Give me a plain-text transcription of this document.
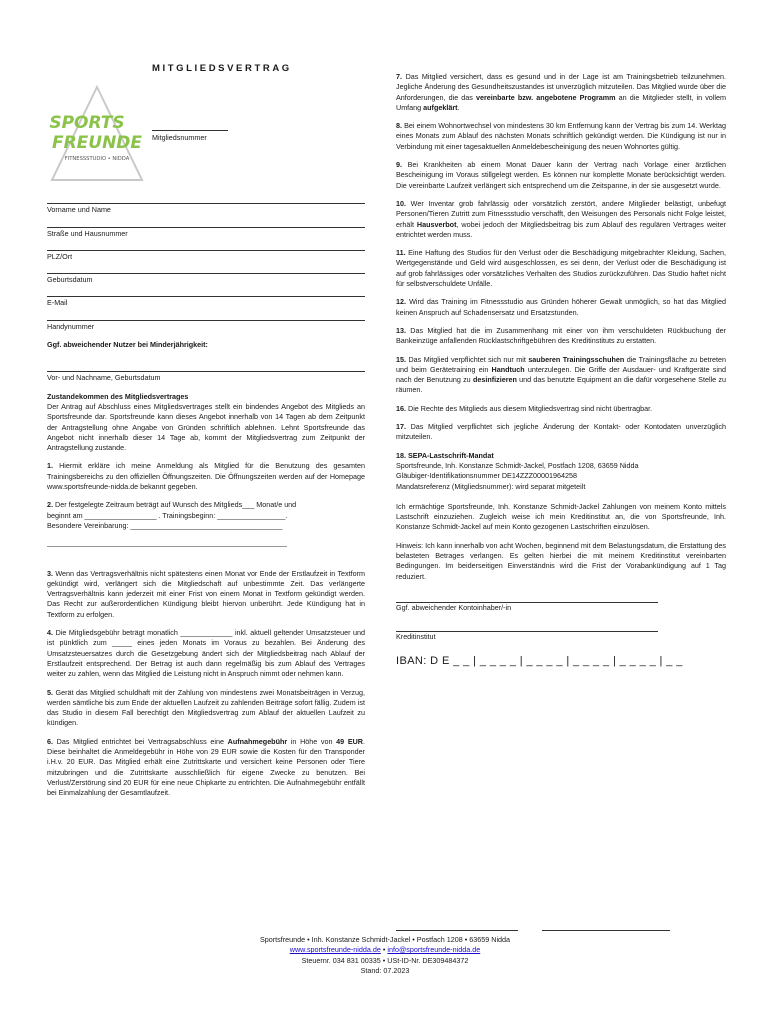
MITGLIEDSVERTRAG
SPORTS
FREUNDE
FITNESSSTUDIO • NIDDA
Mitgliedsnummer
Vorname und Name
Straße und Hausnummer
PLZ/Ort
Geburtsdatum
E-Mail
Handynummer
Ggf. abweichender Nutzer bei Minderjährigkeit:
Vor- und Nachname, Geburtsdatum
Zustandekommen des Mitgliedsvertrages

Der Antrag auf Abschluss eines Mitgliedsvertrages stellt ein bindendes Angebot des Mitglieds an Sportsfreunde dar. Sportsfreunde kann dieses Angebot innerhalb von 14 Tagen ab dem Zeitpunkt der Antragstellung ohne Angabe von Gründen schriftlich ablehnen. Lehnt Sportsfreunde das Angebot nicht innerhalb dieser 14 Tage ab, kommt der Mitgliedsvertrag zum Zeitpunkt der Antragstellung zustande.

1. Hiermit erkläre ich meine Anmeldung als Mitglied für die Benutzung des gesamten Trainingsbereichs zu den offiziellen Öffnungszeiten. Die Öffnungszeiten werden auf der Homepage www.sportsfreunde-nidda.de bekannt gegeben.

2. Der festgelegte Zeitraum beträgt auf Wunsch des Mitglieds___ Monat/e und
beginnt am __________________ . Trainingsbeginn: _________________.
Besondere Vereinbarung: ______________________________________
____________________________________________________________

3. Wenn das Vertragsverhältnis nicht spätestens einen Monat vor Ende der Erstlaufzeit in Textform gekündigt wird, verlängert sich die Mitgliedschaft auf unbestimmte Zeit. Das verlängerte Vertragsverhältnis kann jederzeit mit einer Frist von einem Monat in Textform gekündigt werden. Das Recht zur außerordentlichen Kündigung bleibt hiervon unberührt. Jede Kündigung hat in Textform zu erfolgen.

4. Die Mitgliedsgebühr beträgt monatlich _____________ inkl. aktuell geltender Umsatzsteuer und ist pünktlich zum _____ eines jeden Monats im Voraus zu bezahlen. Bei Änderung des Umsatzsteuersatzes durch die Gesetzgebung ändert sich der Mitgliedsbeitrag nach Ablauf der Erstlaufzeit entsprechend. Der Betrag ist auch dann regelmäßig bis zum Ablauf des Vertrages weiter zu zahlen, wenn das Mitglied die Leistung nicht in Anspruch nimmt oder nehmen kann.

5. Gerät das Mitglied schuldhaft mit der Zahlung von mindestens zwei Monatsbeiträgen in Verzug, werden sämtliche bis zum Ende der aktuellen Laufzeit zu zahlenden Beiträge sofort fällig. Zudem ist das Studio in diesem Fall berechtigt den Mitgliedsvertrag zum Ablauf der aktuellen Laufzeit zu kündigen.

6. Das Mitglied entrichtet bei Vertragsabschluss eine Aufnahmegebühr in Höhe von 49 EUR. Diese beinhaltet die Anmeldegebühr in Höhe von 29 EUR sowie die Kosten für den Transponder i.H.v. 20 EUR. Das Mitglied erhält eine Zutrittskarte und versichert keine Personen oder Tiere mitzubringen und die Zutrittskarte ausschließlich für eigene Zwecke zu benutzen. Bei Verlust/Zerstörung sind 20 EUR für eine neue Chipkarte zu entrichten. Die Aufnahmegebühr entfällt bei Einmalzahlung der Gesamtlaufzeit.

7. Das Mitglied versichert, dass es gesund und in der Lage ist am Trainingsbetrieb teilzunehmen. Jegliche Änderung des Gesundheitszustandes ist unverzüglich mitzuteilen. Das Mitglied wurde über die Anforderungen, die das vereinbarte bzw. angebotene Programm an die Mitglieder stellt, in vollem Umfang aufgeklärt.

8. Bei einem Wohnortwechsel von mindestens 30 km Entfernung kann der Vertrag bis zum 14. Werktag eines Monats zum Ablauf des nächsten Monats schriftlich gekündigt werden. Die Kündigung ist nur in Verbindung mit einer tagesaktuellen Anmeldebescheinigung des neuen Wohnortes gültig.

9. Bei Krankheiten ab einem Monat Dauer kann der Vertrag nach Vorlage einer ärztlichen Bescheinigung im Voraus stillgelegt werden. Es können nur komplette Monate berücksichtigt werden. Die vereinbarte Laufzeit verlängert sich entsprechend um die Zeitspanne, in der sie ausgesetzt wurde.

10. Wer Inventar grob fahrlässig oder vorsätzlich zerstört, andere Mitglieder belästigt, unbefugt Personen/Tieren Zutritt zum Fitnessstudio verschafft, den Weisungen des Personals nicht Folge leistet, erhält Hausverbot, wobei jedoch der Mitgliedsbeitrag bis zum Ablauf des regulären Vertrages weiter entrichtet werden muss.

11. Eine Haftung des Studios für den Verlust oder die Beschädigung mitgebrachter Kleidung, Sachen, Wertgegenstände und Geld wird ausgeschlossen, es sei denn, der Verlust oder die Beschädigung ist auf grob fahrlässiges oder vorsätzliches Verhalten des Studios zurückzuführen. Das Studio haftet nicht für selbstverschuldete Unfälle.

12. Wird das Training im Fitnessstudio aus Gründen höherer Gewalt unmöglich, so hat das Mitglied keinen Anspruch auf Schadensersatz und Ersatzstunden.

13. Das Mitglied hat die im Zusammenhang mit einer von ihm verschuldeten Rückbuchung der Bankeinzüge anfallenden Rücklastschriftgebühren des Kreditinstituts zu erstatten.

15. Das Mitglied verpflichtet sich nur mit sauberen Trainingsschuhen die Trainingsfläche zu betreten und beim Gerätetraining ein Handtuch unterzulegen. Die Griffe der Ausdauer- und Kraftgeräte sind nach der Benutzung zu desinfizieren und das benutzte Equipment an die dafür vorgesehene Stelle zu räumen.

16. Die Rechte des Mitglieds aus diesem Mitgliedsvertrag sind nicht übertragbar.

17. Das Mitglied verpflichtet sich jegliche Änderung der Kontakt- oder Kontodaten unverzüglich mitzuteilen.

18. SEPA-Lastschrift-Mandat
Sportsfreunde, Inh. Konstanze Schmidt-Jackel, Postfach 1208, 63659 Nidda
Gläubiger-Identifikationsnummer DE14ZZZ00001964258
Mandatsreferenz (Mitgliedsnummer): wird separat mitgeteilt

Ich ermächtige Sportsfreunde, Inh. Konstanze Schmidt-Jackel Zahlungen von meinem Konto mittels Lastschrift einzuziehen. Zugleich weise ich mein Kreditinstitut an, die von Sportsfreunde, Inh. Konstanze Schmidt-Jackel auf mein Konto gezogenen Lastschriften einzulösen.

Hinweis: Ich kann innerhalb von acht Wochen, beginnend mit dem Belastungsdatum, die Erstattung des belasteten Betrages verlangen. Es gelten hierbei die mit meinem Kreditinstitut vereinbarten Bedingungen. Im beiderseitigen Einverständnis wird die Frist der Vorabankündigung auf 1 Tag reduziert.

Ggf. abweichender Kontoinhaber/-in
Kreditinstitut
IBAN: D E _ _ | _ _ _ _ | _ _ _ _ | _ _ _ _ | _ _ _ _ | _ _
Sportsfreunde • Inh. Konstanze Schmidt-Jackel • Postfach 1208 • 63659 Nidda
www.sportsfreunde-nidda.de • info@sportsfreunde-nidda.de
Steuernr. 034 831 00335 • USt-ID-Nr. DE309484372
Stand: 07.2023
